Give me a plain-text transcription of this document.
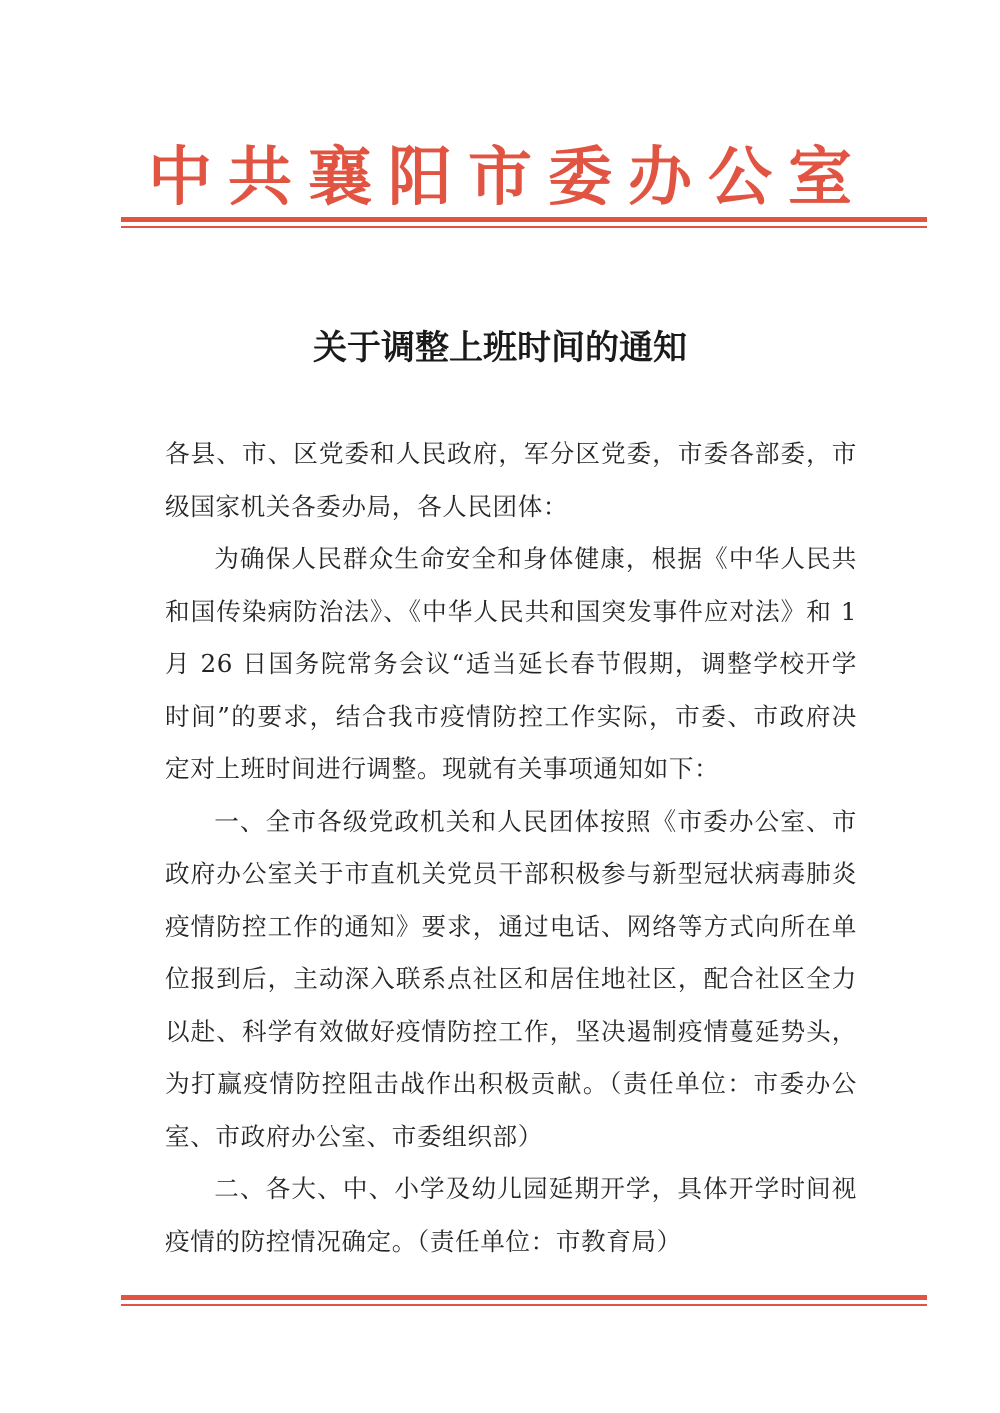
中共襄阳市委办公室
关于调整上班时间的通知

各县、市、区党委和人民政府，军分区党委，市委各部委，市级国家机关各委办局，各人民团体：

为确保人民群众生命安全和身体健康，根据《中华人民共和国传染病防治法》、《中华人民共和国突发事件应对法》和 1 月 26 日国务院常务会议“适当延长春节假期，调整学校开学时间”的要求，结合我市疫情防控工作实际，市委、市政府决定对上班时间进行调整。现就有关事项通知如下：

一、全市各级党政机关和人民团体按照《市委办公室、市政府办公室关于市直机关党员干部积极参与新型冠状病毒肺炎疫情防控工作的通知》要求，通过电话、网络等方式向所在单位报到后，主动深入联系点社区和居住地社区，配合社区全力以赴、科学有效做好疫情防控工作，坚决遏制疫情蔓延势头，为打赢疫情防控阻击战作出积极贡献。（责任单位：市委办公室、市政府办公室、市委组织部）

二、各大、中、小学及幼儿园延期开学，具体开学时间视疫情的防控情况确定。（责任单位：市教育局）
